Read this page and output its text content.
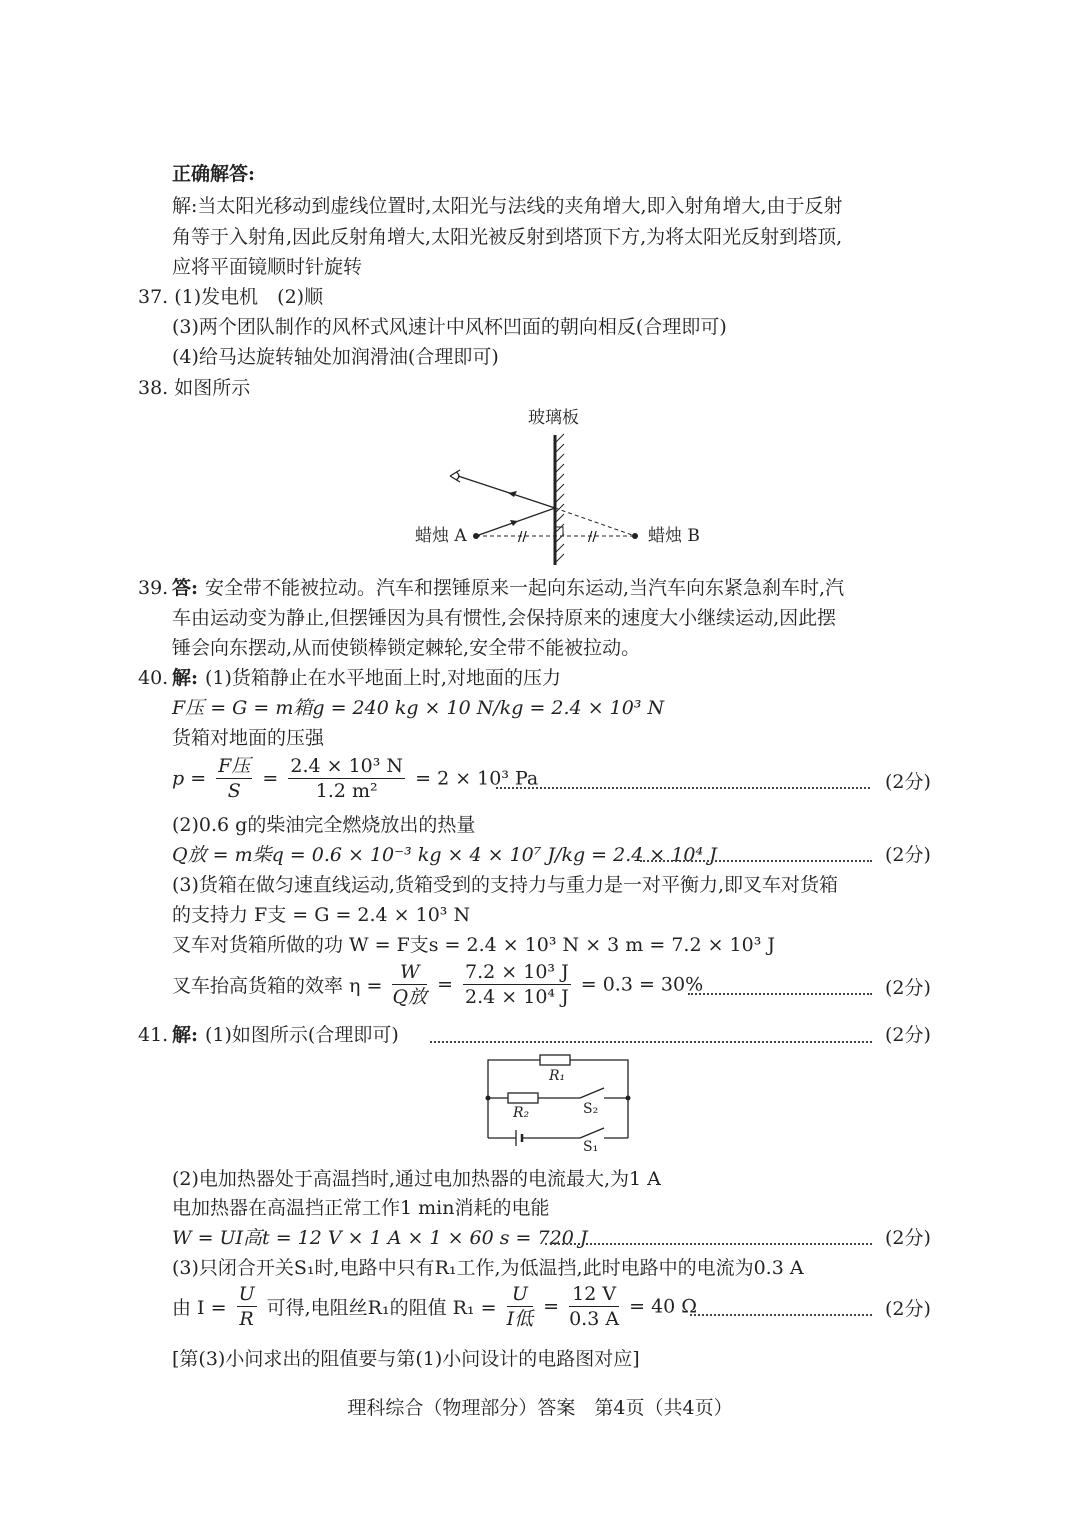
正确解答:
解:当太阳光移动到虚线位置时,太阳光与法线的夹角增大,即入射角增大,由于反射
角等于入射角,因此反射角增大,太阳光被反射到塔顶下方,为将太阳光反射到塔顶,
应将平面镜顺时针旋转
37. (1)发电机　(2)顺
(3)两个团队制作的风杯式风速计中风杯凹面的朝向相反(合理即可)
(4)给马达旋转轴处加润滑油(合理即可)
38. 如图所示
玻璃板
//	//
蜡烛 A	蜡烛 B
39. 答: 安全带不能被拉动。汽车和摆锤原来一起向东运动,当汽车向东紧急刹车时,汽
车由运动变为静止,但摆锤因为具有惯性,会保持原来的速度大小继续运动,因此摆
锤会向东摆动,从而使锁棒锁定棘轮,安全带不能被拉动。
40. 解: (1)货箱静止在水平地面上时,对地面的压力
F压 = G = m箱g = 240 kg × 10 N/kg = 2.4 × 10³ N
货箱对地面的压强
$p = \frac{\text{F压}}{S} = \frac{\text{2.4 × 10³ N}}{\text{1.2 m²}} = 2 \times 10^3$ Pa	(2分)
(2)0.6 g的柴油完全燃烧放出的热量
Q放 = m柴q = 0.6 × 10⁻³ kg × 4 × 10⁷ J/kg = 2.4 × 10⁴ J	(2分)
(3)货箱在做匀速直线运动,货箱受到的支持力与重力是一对平衡力,即叉车对货箱
的支持力 F支 = G = 2.4 × 10³ N
叉车对货箱所做的功 W = F支s = 2.4 × 10³ N × 3 m = 7.2 × 10³ J
叉车抬高货箱的效率 $\eta = \frac{W}{\text{Q放}} = \frac{\text{7.2 × 10³ J}}{\text{2.4 × 10⁴ J}} = 0.3 = 30\%$	(2分)
41. 解: (1)如图所示(合理即可)	(2分)
R₁
R₂	S₂
S₁
(2)电加热器处于高温挡时,通过电加热器的电流最大,为1 A
电加热器在高温挡正常工作1 min消耗的电能
W = UI高t = 12 V × 1 A × 1 × 60 s = 720 J	(2分)
(3)只闭合开关S₁时,电路中只有R₁工作,为低温挡,此时电路中的电流为0.3 A
由 $I = \frac{U}{R}$ 可得,电阻丝R₁的阻值 $R_1 = \frac{U}{\text{I低}} = \frac{12 V}{0.3 A} = 40$ Ω	(2分)
[第(3)小问求出的阻值要与第(1)小问设计的电路图对应]
理科综合（物理部分）答案　第4页（共4页）
